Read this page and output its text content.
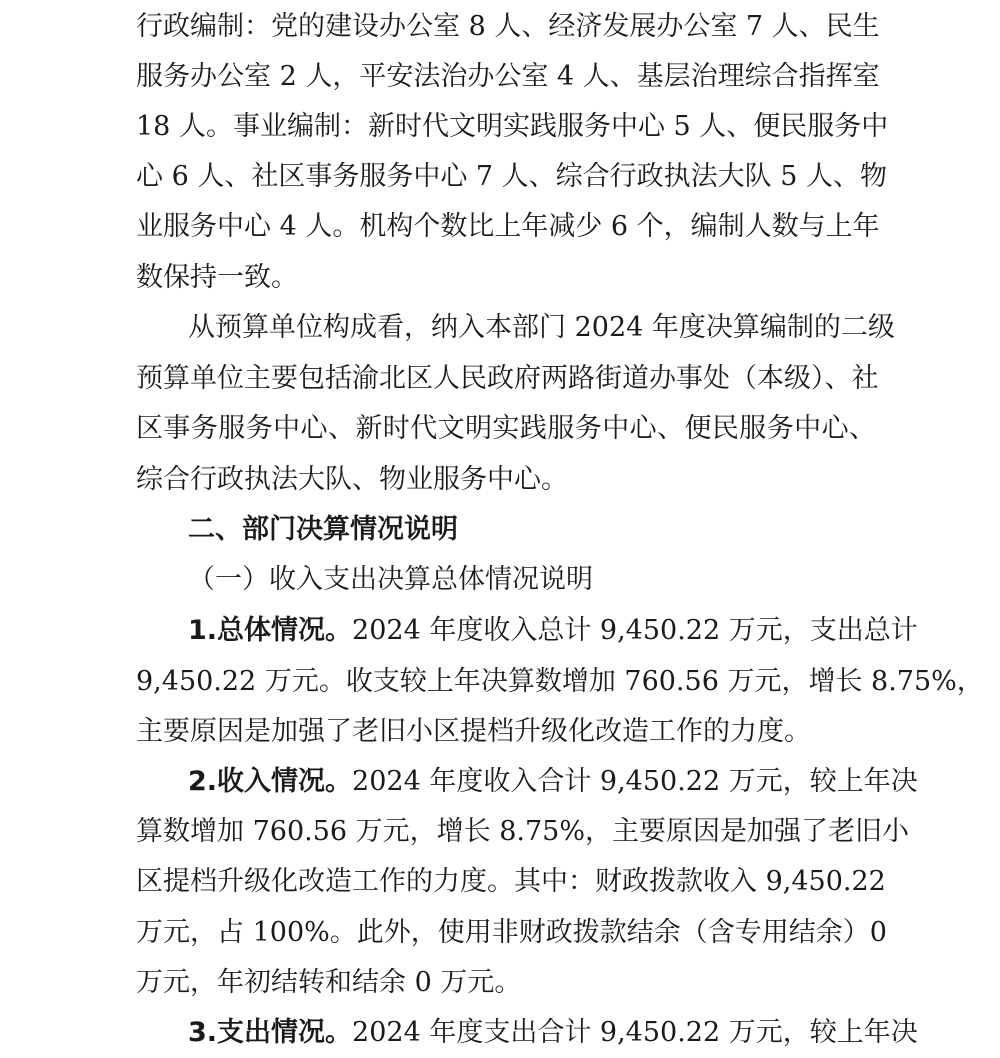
行政编制：党的建设办公室 8 人、经济发展办公室 7 人、民生
服务办公室 2 人，平安法治办公室 4 人、基层治理综合指挥室
18 人。事业编制：新时代文明实践服务中心 5 人、便民服务中
心 6 人、社区事务服务中心 7 人、综合行政执法大队 5 人、物
业服务中心 4 人。机构个数比上年减少 6 个，编制人数与上年
数保持一致。
从预算单位构成看，纳入本部门 2024 年度决算编制的二级
预算单位主要包括渝北区人民政府两路街道办事处（本级）、社
区事务服务中心、新时代文明实践服务中心、便民服务中心、
综合行政执法大队、物业服务中心。
二、部门决算情况说明
（一）收入支出决算总体情况说明
1.总体情况。2024 年度收入总计 9,450.22 万元，支出总计
9,450.22 万元。收支较上年决算数增加 760.56 万元，增长 8.75%，
主要原因是加强了老旧小区提档升级化改造工作的力度。
2.收入情况。2024 年度收入合计 9,450.22 万元，较上年决
算数增加 760.56 万元，增长 8.75%，主要原因是加强了老旧小
区提档升级化改造工作的力度。其中：财政拨款收入 9,450.22
万元，占 100%。此外，使用非财政拨款结余（含专用结余）0
万元，年初结转和结余 0 万元。
3.支出情况。2024 年度支出合计 9,450.22 万元，较上年决
